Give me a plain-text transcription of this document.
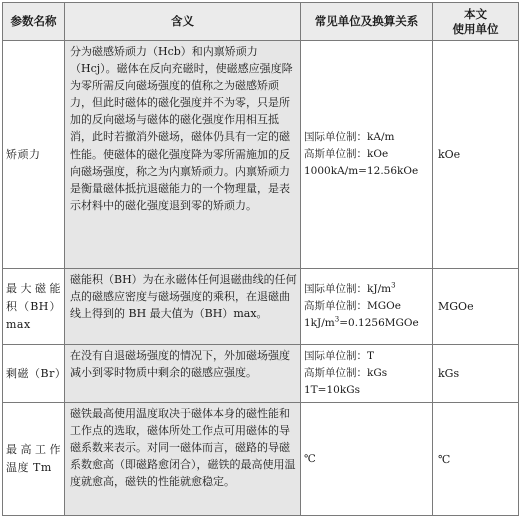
参数名称	含义	常见单位及换算关系	本文
使用单位
矫顽力	分为磁感矫顽力（Hcb）和内禀矫顽力（Hcj）。磁体在反向充磁时，使磁感应强度降为零所需反向磁场强度的值称之为磁感矫顽力，但此时磁体的磁化强度并不为零，只是所加的反向磁场与磁体的磁化强度作用相互抵消，此时若撤消外磁场，磁体仍具有一定的磁性能。使磁体的磁化强度降为零所需施加的反向磁场强度，称之为内禀矫顽力。内禀矫顽力是衡量磁体抵抗退磁能力的一个物理量，是表示材料中的磁化强度退到零的矫顽力。	国际单位制：kA/m
高斯单位制：kOe
1000kA/m=12.56kOe	kOe
最大磁能积（BH）max	磁能积（BH）为在永磁体任何退磁曲线的任何点的磁感应密度与磁场强度的乘积，在退磁曲线上得到的 BH 最大值为（BH）max。	国际单位制：$kJ/m^3$
高斯单位制：MGOe
$1kJ/m^3=0.1256MGOe$	MGOe
剩磁（Br）	在没有自退磁场强度的情况下，外加磁场强度减小到零时物质中剩余的磁感应强度。	国际单位制：T
高斯单位制：kGs
1T=10kGs	kGs
最高工作温度 Tm	磁铁最高使用温度取决于磁体本身的磁性能和工作点的选取，磁体所处工作点可用磁体的导磁系数来表示。对同一磁体而言，磁路的导磁系数愈高（即磁路愈闭合），磁铁的最高使用温度就愈高，磁铁的性能就愈稳定。	℃	℃
